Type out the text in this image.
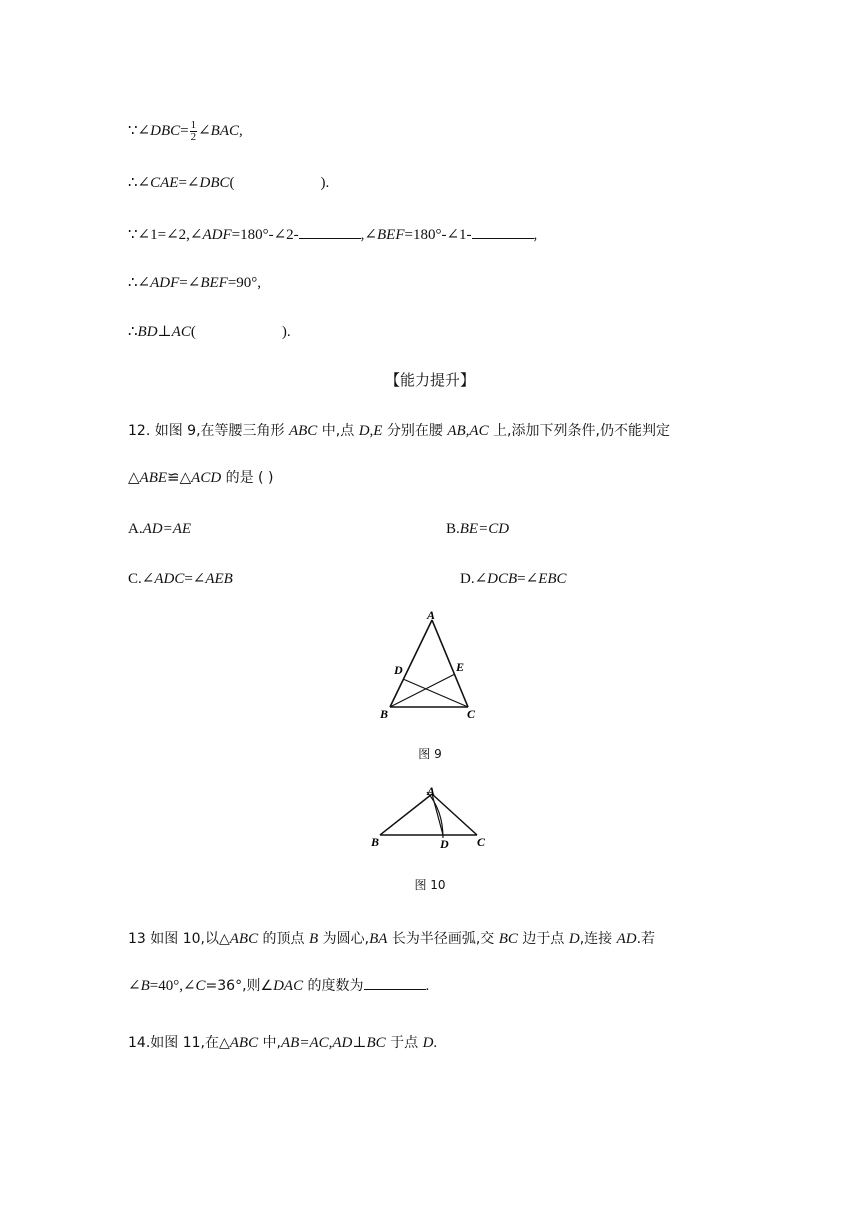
∵∠DBC= $\frac{1}{2}$ ∠BAC,
∴∠CAE=∠DBC(	).
∵∠1=∠2,∠ADF=180°-∠2-	,∠BEF=180°-∠1-	,
∴∠ADF=∠BEF=90°,
∴BD⊥AC(	).
【能力提升】
12. 如图 9,在等腰三角形 ABC 中,点 D,E 分别在腰 AB,AC 上,添加下列条件,仍不能判定
△ABE≌△ACD 的是 ( )
A.AD=AE	B.BE=CD
C.∠ADC=∠AEB	D.∠DCB=∠EBC
A
D	E
B	C
图 9
A
B	D C
图 10
13 如图 10,以△ABC 的顶点 B 为圆心,BA 长为半径画弧,交 BC 边于点 D,连接 AD.若
∠B=40°,∠C=36°,则∠DAC 的度数为	.
14.如图 11,在△ABC 中,AB=AC,AD⊥BC 于点 D.
